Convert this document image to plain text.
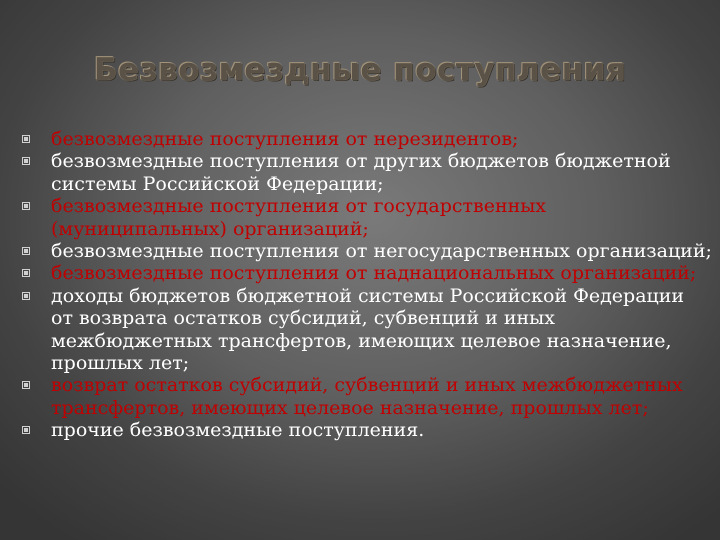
Безвозмездные поступления
безвозмездные поступления от нерезидентов;
безвозмездные поступления от других бюджетов бюджетной системы Российской Федерации;
безвозмездные поступления от государственных (муниципальных) организаций;
безвозмездные поступления от негосударственных организаций;
безвозмездные поступления от наднациональных организаций;
доходы бюджетов бюджетной системы Российской Федерации от возврата остатков субсидий, субвенций и иных межбюджетных трансфертов, имеющих целевое назначение, прошлых лет;
возврат остатков субсидий, субвенций и иных межбюджетных трансфертов, имеющих целевое назначение, прошлых лет;
прочие безвозмездные поступления.
